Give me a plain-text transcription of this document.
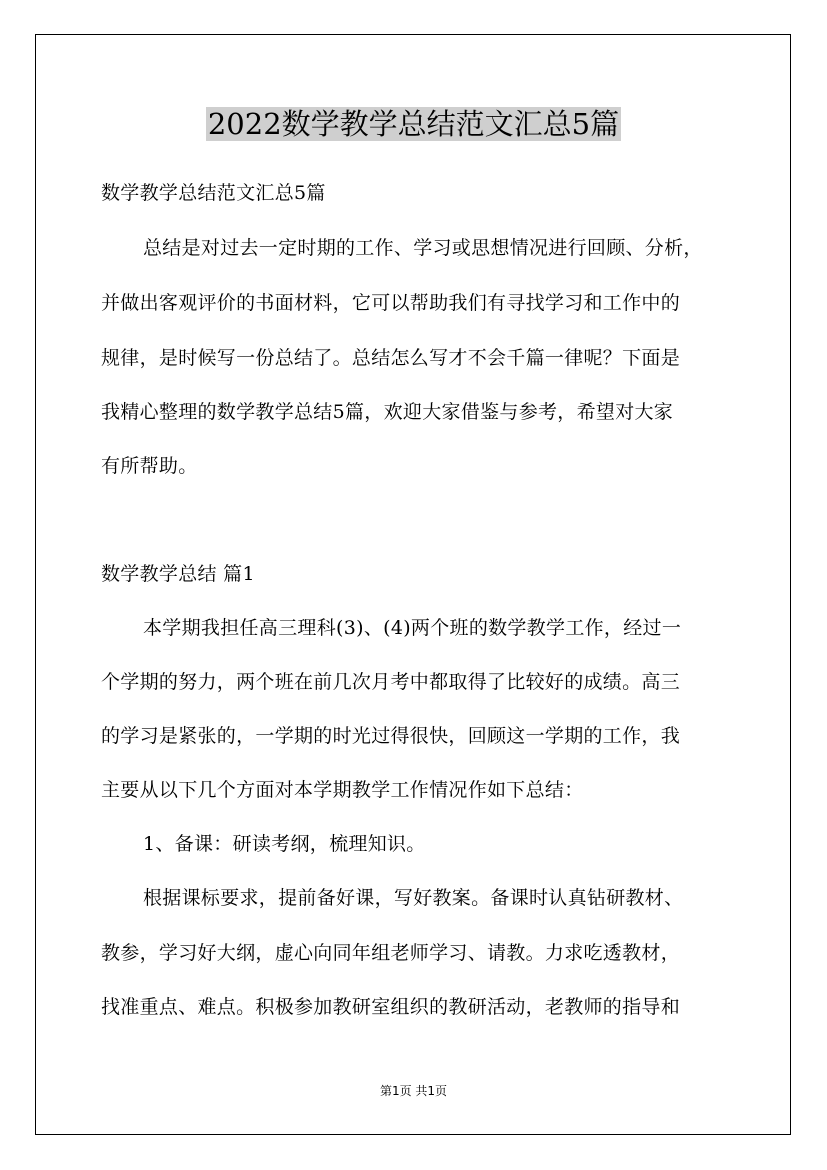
2022数学教学总结范文汇总5篇
数学教学总结范文汇总5篇
总结是对过去一定时期的工作、学习或思想情况进行回顾、分析，
并做出客观评价的书面材料，它可以帮助我们有寻找学习和工作中的
规律，是时候写一份总结了。总结怎么写才不会千篇一律呢？下面是
我精心整理的数学教学总结5篇，欢迎大家借鉴与参考，希望对大家
有所帮助。
数学教学总结 篇1
本学期我担任高三理科(3)、(4)两个班的数学教学工作，经过一
个学期的努力，两个班在前几次月考中都取得了比较好的成绩。高三
的学习是紧张的，一学期的时光过得很快，回顾这一学期的工作，我
主要从以下几个方面对本学期教学工作情况作如下总结：
1、备课：研读考纲，梳理知识。
根据课标要求，提前备好课，写好教案。备课时认真钻研教材、
教参，学习好大纲，虚心向同年组老师学习、请教。力求吃透教材，
找准重点、难点。积极参加教研室组织的教研活动，老教师的指导和
第1页 共1页
